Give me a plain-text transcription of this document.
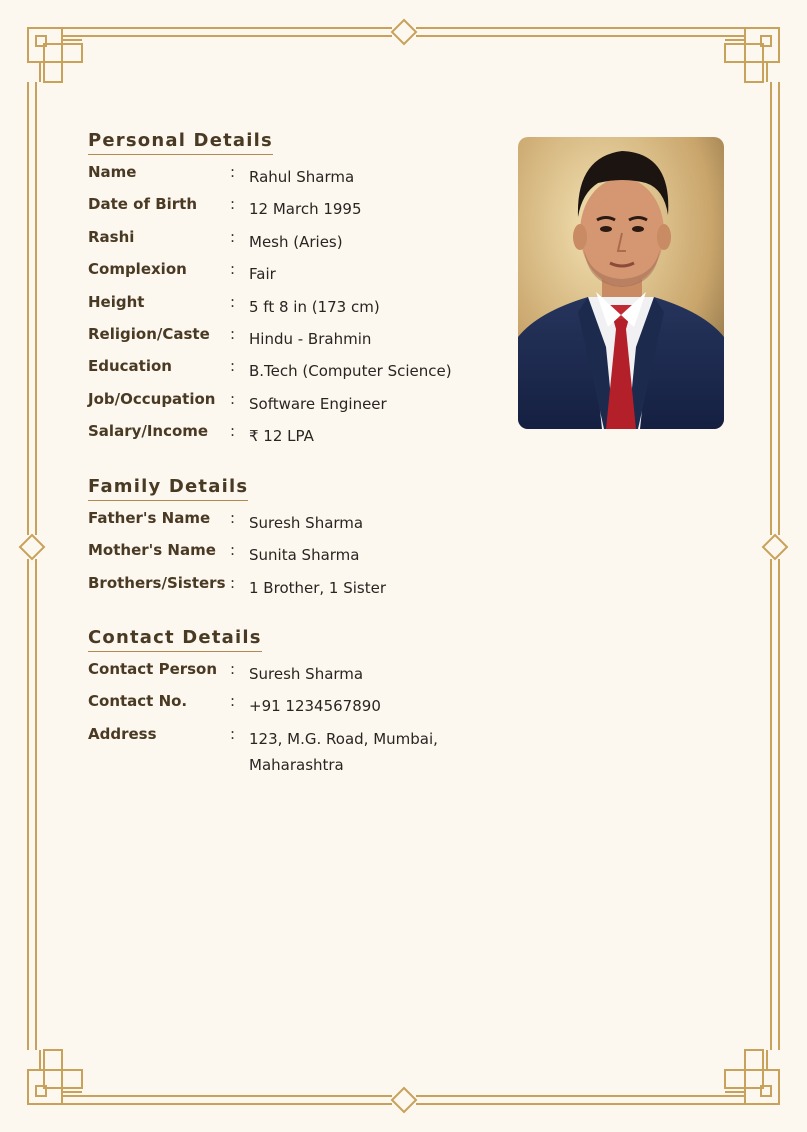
Personal Details
Name	: Rahul Sharma
Date of Birth	: 12 March 1995
Rashi	: Mesh (Aries)
Complexion	: Fair
Height	: 5 ft 8 in (173 cm)
Religion/Caste	: Hindu - Brahmin
Education	: B.Tech (Computer Science)
Job/Occupation : Software Engineer
Salary/Income	: ₹ 12 LPA
Family Details
Father's Name	: Suresh Sharma
Mother's Name : Sunita Sharma
Brothers/Sisters : 1 Brother, 1 Sister
Contact Details
Contact Person : Suresh Sharma
Contact No.	: +91 1234567890
Address	: 123, M.G. Road, Mumbai,
Maharashtra
